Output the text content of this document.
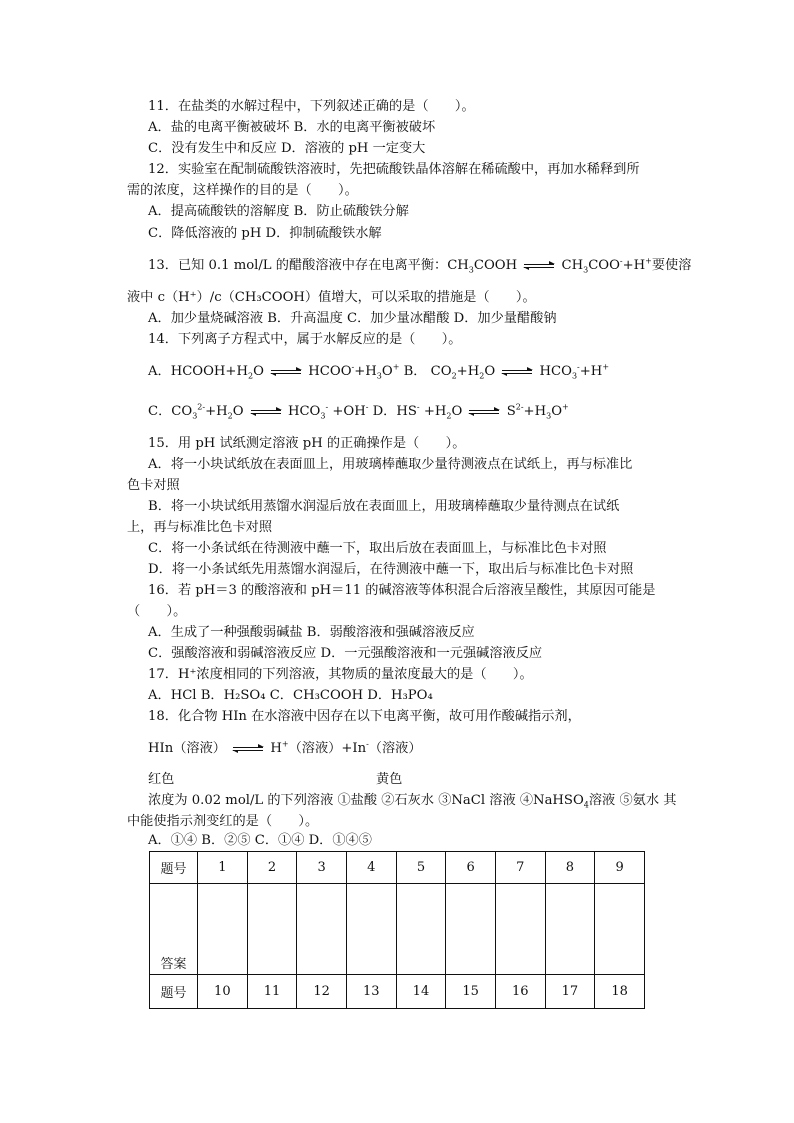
11．在盐类的水解过程中，下列叙述正确的是（　　）。
A．盐的电离平衡被破坏 B．水的电离平衡被破坏
C．没有发生中和反应 D．溶液的 pH 一定变大
12．实验室在配制硫酸铁溶液时，先把硫酸铁晶体溶解在稀硫酸中，再加水稀释到所
需的浓度，这样操作的目的是（　　）。
A．提高硫酸铁的溶解度 B．防止硫酸铁分解
C．降低溶液的 pH D．抑制硫酸铁水解
13．已知 0.1 mol/L 的醋酸溶液中存在电离平衡：$CH_3COOH$	$CH_3COO^-+H^+$要使溶
液中 c（H⁺）/c（CH₃COOH）值增大，可以采取的措施是（　　）。
A．加少量烧碱溶液 B．升高温度 C．加少量冰醋酸 D．加少量醋酸钠
14．下列离子方程式中，属于水解反应的是（　　）。
A．$HCOOH+H_2O$	$HCOO^-+H_3O^+$ B． $CO_2+H_2O$	$HCO_3^-+H^+$
C．$CO_3^{2-}+H_2O$	$HCO_3^- +OH^-$ D．$HS^- +H_2O$	$S^{2-}+H_3O^+$
15．用 pH 试纸测定溶液 pH 的正确操作是（　　）。
A．将一小块试纸放在表面皿上，用玻璃棒蘸取少量待测液点在试纸上，再与标准比
色卡对照
B．将一小块试纸用蒸馏水润湿后放在表面皿上，用玻璃棒蘸取少量待测点在试纸
上，再与标准比色卡对照
C．将一小条试纸在待测液中蘸一下，取出后放在表面皿上，与标准比色卡对照
D．将一小条试纸先用蒸馏水润湿后，在待测液中蘸一下，取出后与标准比色卡对照
16．若 pH＝3 的酸溶液和 pH＝11 的碱溶液等体积混合后溶液呈酸性，其原因可能是
（　　）。
A．生成了一种强酸弱碱盐 B．弱酸溶液和强碱溶液反应
C．强酸溶液和弱碱溶液反应 D．一元强酸溶液和一元强碱溶液反应
17．H⁺浓度相同的下列溶液，其物质的量浓度最大的是（　　）。
A．HCl B．H₂SO₄ C．CH₃COOH D．H₃PO₄
18．化合物 HIn 在水溶液中因存在以下电离平衡，故可用作酸碱指示剂，
HIn（溶液）	H+（溶液）+In-（溶液）
红色	黄色
浓度为 0.02 mol/L 的下列溶液 ①盐酸 ②石灰水 ③NaCl 溶液 ④NaHSO$_4$溶液 ⑤氨水 其
中能使指示剂变红的是（　　）。
A．①④ B．②⑤ C．①④ D．①④⑤
题号	1	2	3	4	5	6	7	8	9
答案									
题号	10	11	12	13	14	15	16	17	18
